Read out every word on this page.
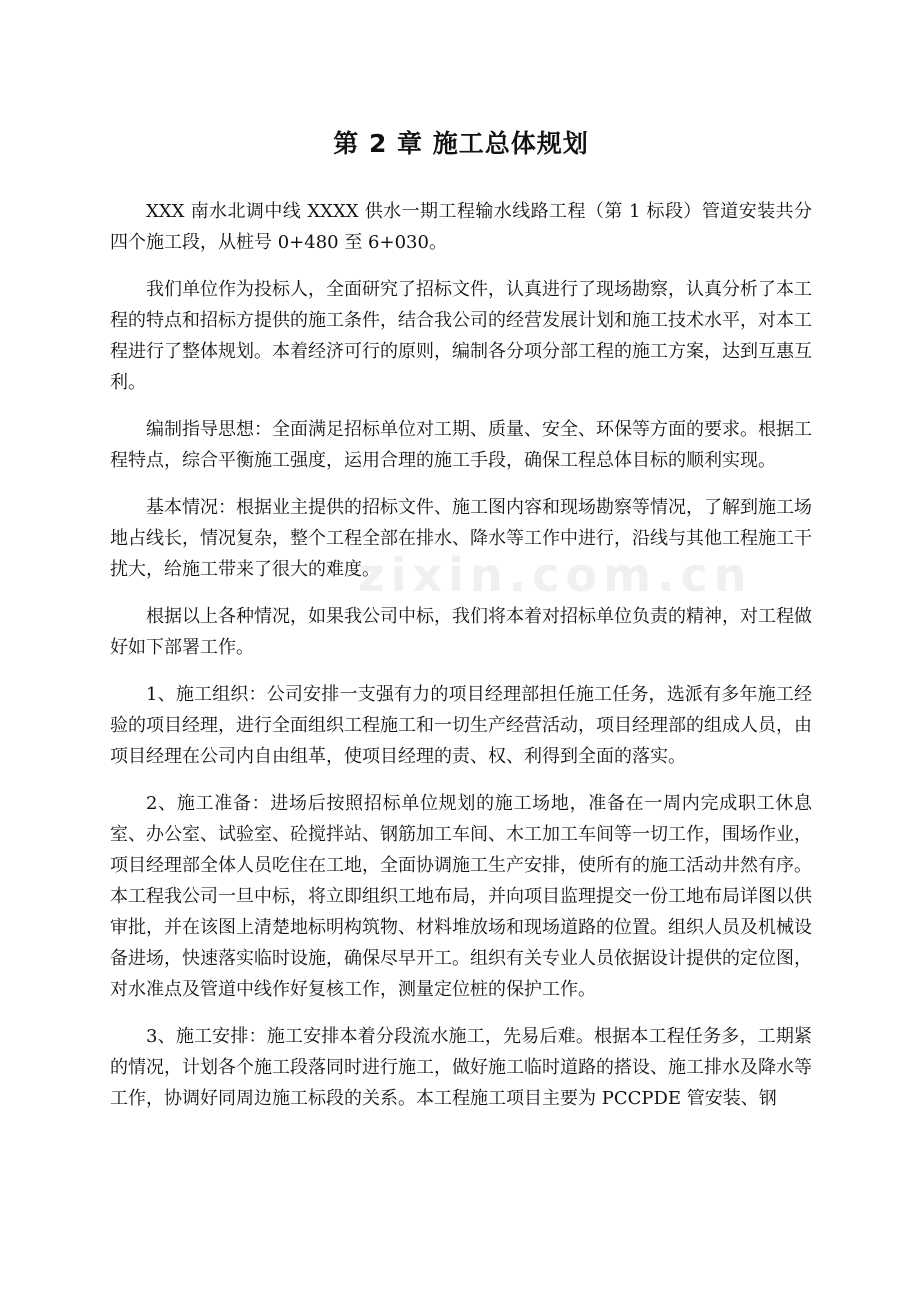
第 2 章 施工总体规划

XXX 南水北调中线 XXXX 供水一期工程输水线路工程（第 1 标段）管道安装共分四个施工段，从桩号 0+480 至 6+030。

我们单位作为投标人，全面研究了招标文件，认真进行了现场勘察，认真分析了本工程的特点和招标方提供的施工条件，结合我公司的经营发展计划和施工技术水平，对本工程进行了整体规划。本着经济可行的原则，编制各分项分部工程的施工方案，达到互惠互利。

编制指导思想：全面满足招标单位对工期、质量、安全、环保等方面的要求。根据工程特点，综合平衡施工强度，运用合理的施工手段，确保工程总体目标的顺利实现。

基本情况：根据业主提供的招标文件、施工图内容和现场勘察等情况，了解到施工场地占线长，情况复杂，整个工程全部在排水、降水等工作中进行，沿线与其他工程施工干扰大，给施工带来了很大的难度。

根据以上各种情况，如果我公司中标，我们将本着对招标单位负责的精神，对工程做好如下部署工作。

1、施工组织：公司安排一支强有力的项目经理部担任施工任务，选派有多年施工经验的项目经理，进行全面组织工程施工和一切生产经营活动，项目经理部的组成人员，由项目经理在公司内自由组革，使项目经理的责、权、利得到全面的落实。

2、施工准备：进场后按照招标单位规划的施工场地，准备在一周内完成职工休息室、办公室、试验室、砼搅拌站、钢筋加工车间、木工加工车间等一切工作，围场作业，项目经理部全体人员吃住在工地，全面协调施工生产安排，使所有的施工活动井然有序。本工程我公司一旦中标，将立即组织工地布局，并向项目监理提交一份工地布局详图以供审批，并在该图上清楚地标明构筑物、材料堆放场和现场道路的位置。组织人员及机械设备进场，快速落实临时设施，确保尽早开工。组织有关专业人员依据设计提供的定位图，对水准点及管道中线作好复核工作，测量定位桩的保护工作。

3、施工安排：施工安排本着分段流水施工，先易后难。根据本工程任务多，工期紧的情况，计划各个施工段落同时进行施工，做好施工临时道路的搭设、施工排水及降水等工作，协调好同周边施工标段的关系。本工程施工项目主要为 PCCPDE 管安装、钢

zixin.com.cn
